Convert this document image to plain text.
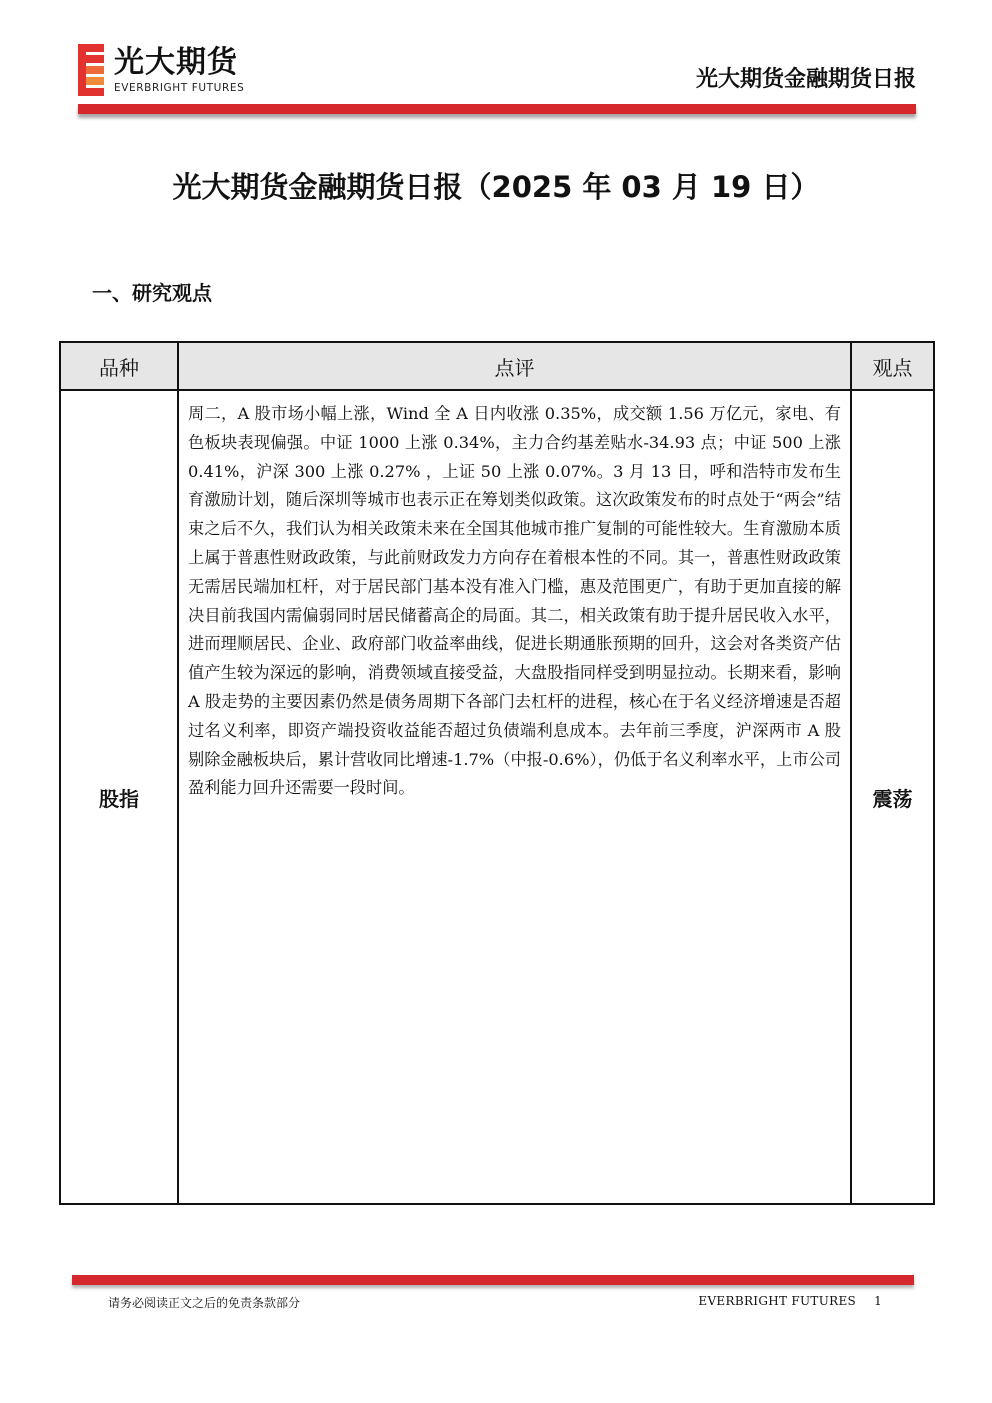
光大期货
EVERBRIGHT FUTURES	光大期货金融期货日报
光大期货金融期货日报（2025 年 03 月 19 日）
一、研究观点
品种	点评	观点
股指	周二，A 股市场小幅上涨，Wind 全 A 日内收涨 0.35%，成交额 1.56 万亿元，家电、有色板块表现偏强。中证 1000 上涨 0.34%，主力合约基差贴水-34.93 点；中证 500 上涨 0.41%，沪深 300 上涨 0.27% ，上证 50 上涨 0.07%。3 月 13 日，呼和浩特市发布生育激励计划，随后深圳等城市也表示正在筹划类似政策。这次政策发布的时点处于“两会”结束之后不久，我们认为相关政策未来在全国其他城市推广复制的可能性较大。生育激励本质上属于普惠性财政政策，与此前财政发力方向存在着根本性的不同。其一，普惠性财政政策无需居民端加杠杆，对于居民部门基本没有准入门槛，惠及范围更广，有助于更加直接的解决目前我国内需偏弱同时居民储蓄高企的局面。其二，相关政策有助于提升居民收入水平，进而理顺居民、企业、政府部门收益率曲线，促进长期通胀预期的回升，这会对各类资产估值产生较为深远的影响，消费领域直接受益，大盘股指同样受到明显拉动。长期来看，影响 A 股走势的主要因素仍然是债务周期下各部门去杠杆的进程，核心在于名义经济增速是否超过名义利率，即资产端投资收益能否超过负债端利息成本。去年前三季度，沪深两市 A 股剔除金融板块后，累计营收同比增速-1.7%（中报-0.6%），仍低于名义利率水平，上市公司盈利能力回升还需要一段时间。	震荡
请务必阅读正文之后的免责条款部分	EVERBRIGHT FUTURES 1
